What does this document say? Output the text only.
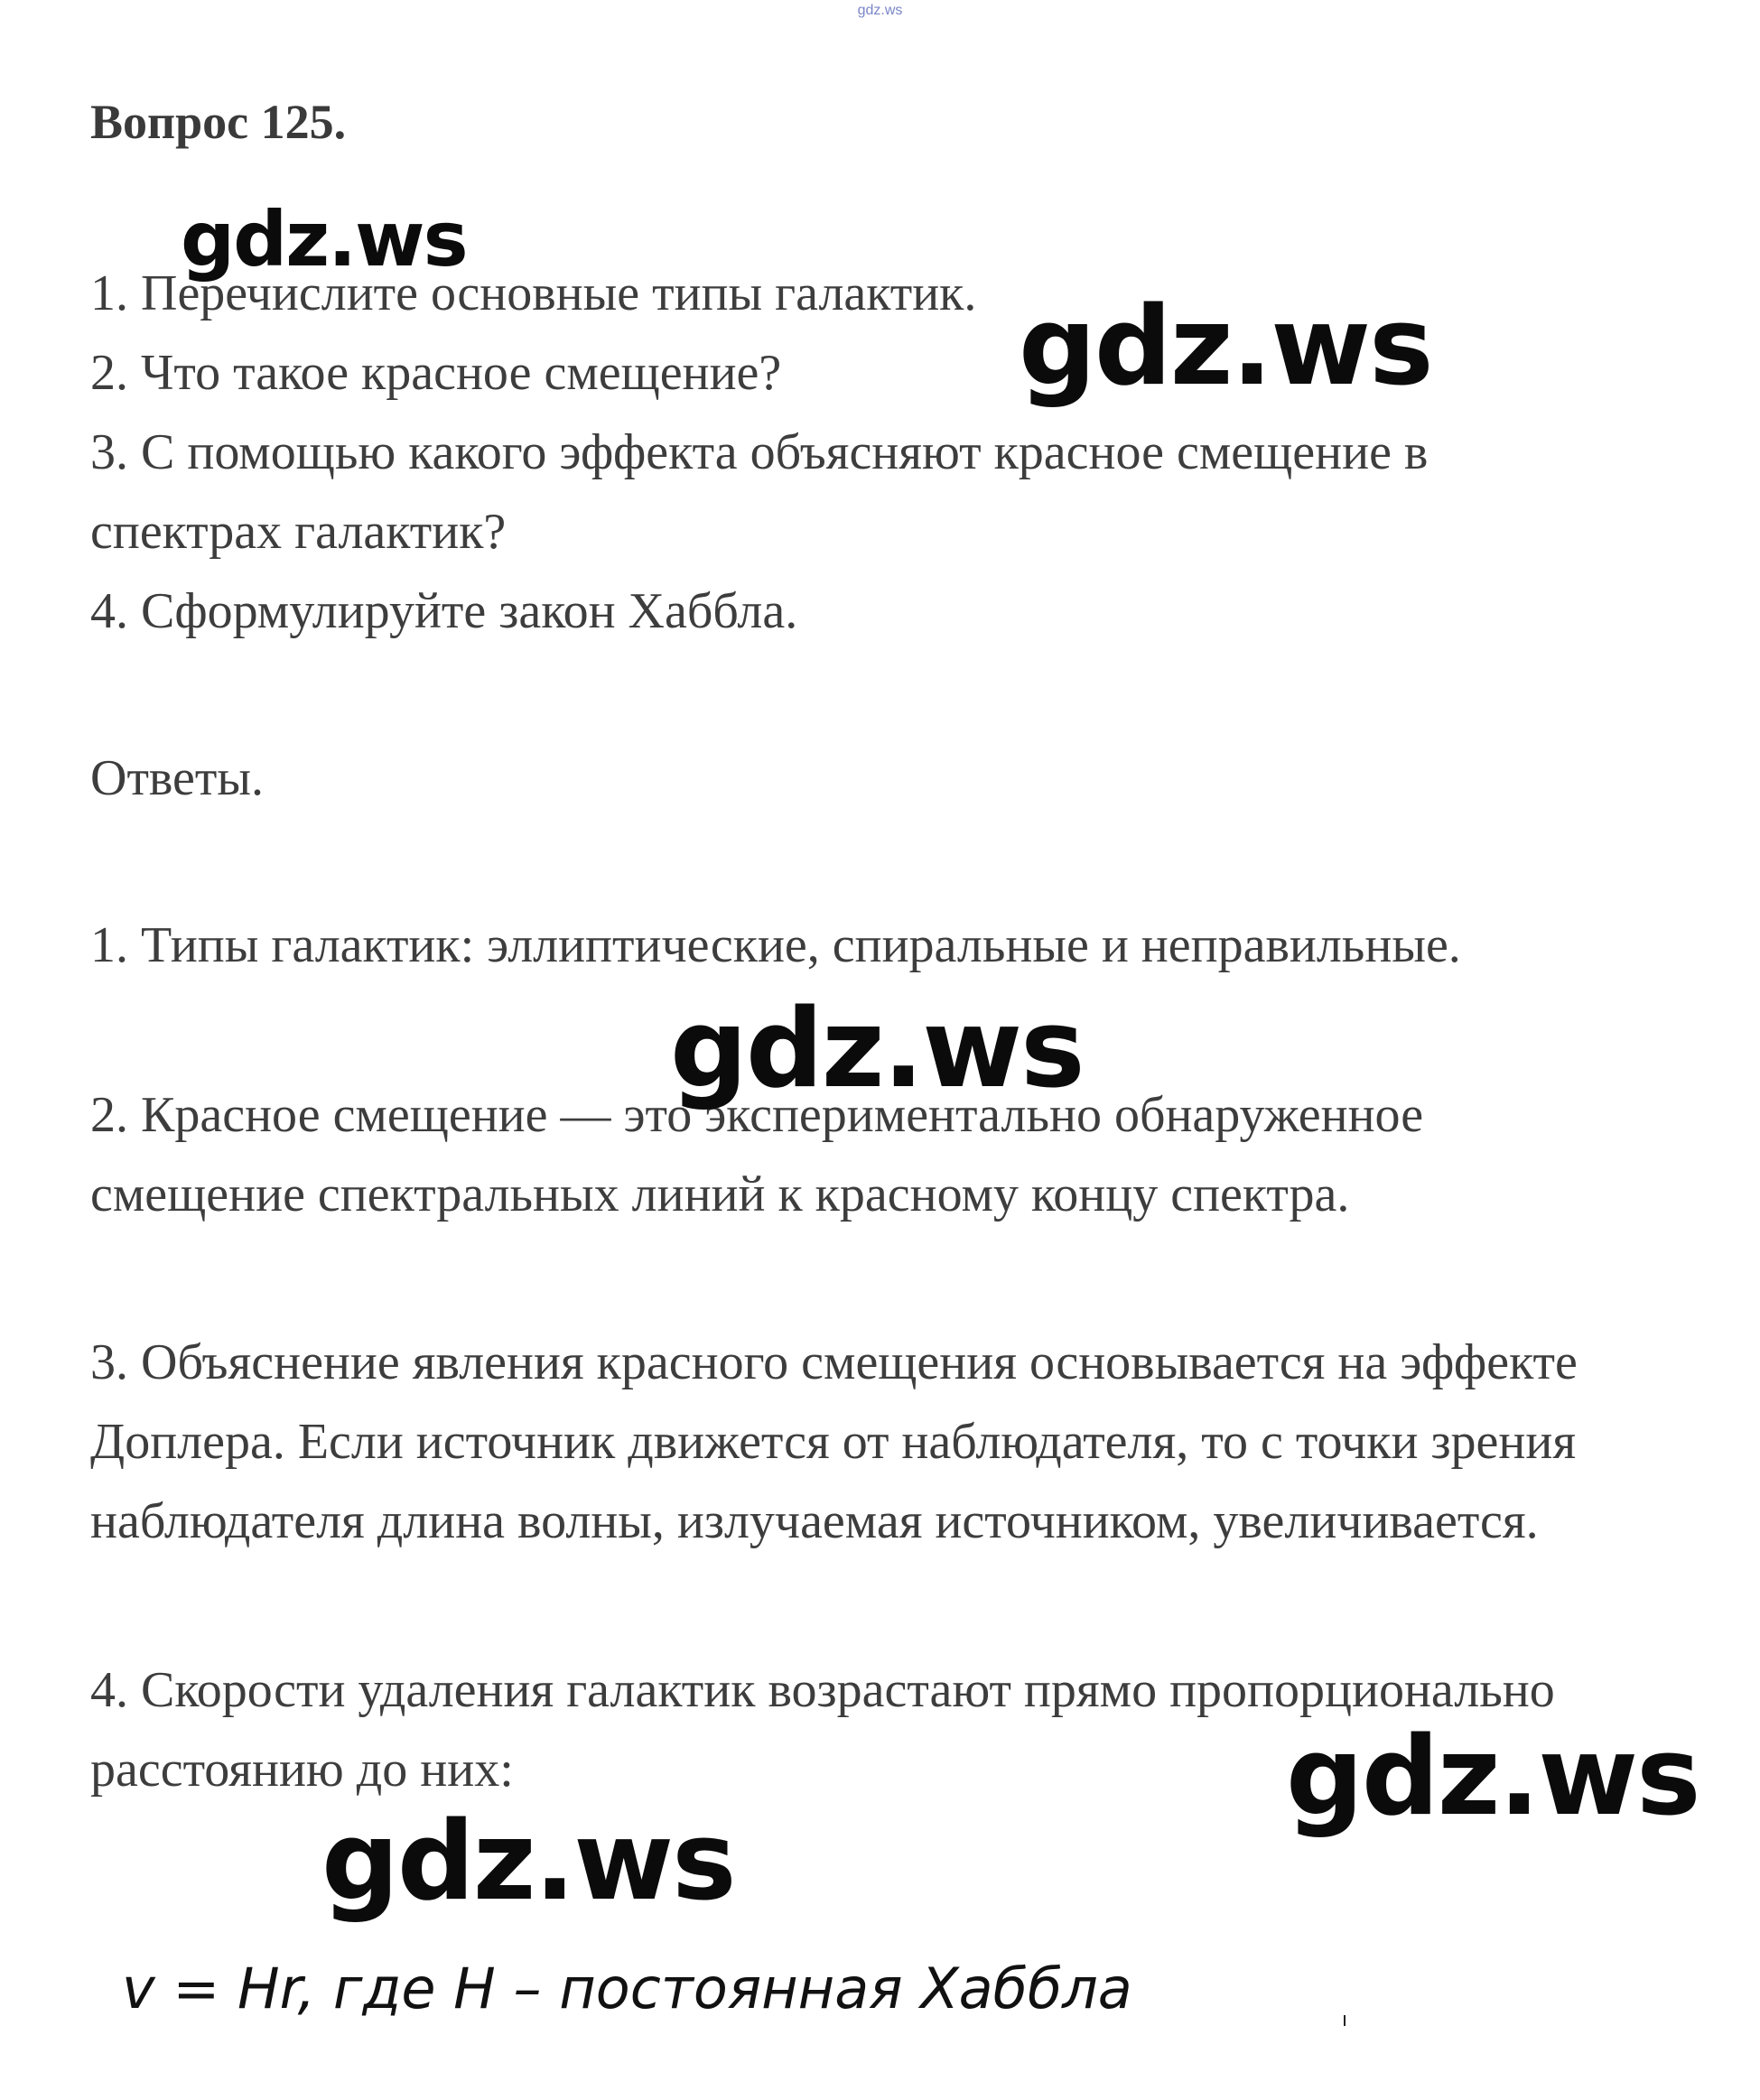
gdz.ws
Вопрос 125.
1. Перечислите основные типы галактик.
2. Что такое красное смещение?
3. С помощью какого эффекта объясняют красное смещение в
спектрах галактик?
4. Сформулируйте закон Хаббла.
Ответы.
1. Типы галактик: эллиптические, спиральные и неправильные.
2. Красное смещение — это экспериментально обнаруженное
смещение спектральных линий к красному концу спектра.
3. Объяснение явления красного смещения основывается на эффекте
Доплера. Если источник движется от наблюдателя, то с точки зрения
наблюдателя длина волны, излучаемая источником, увеличивается.
4. Скорости удаления галактик возрастают прямо пропорционально
расстоянию до них:
v = Hr, где H – постоянная Хаббла
gdz.ws
gdz.ws
gdz.ws
gdz.ws
gdz.ws
